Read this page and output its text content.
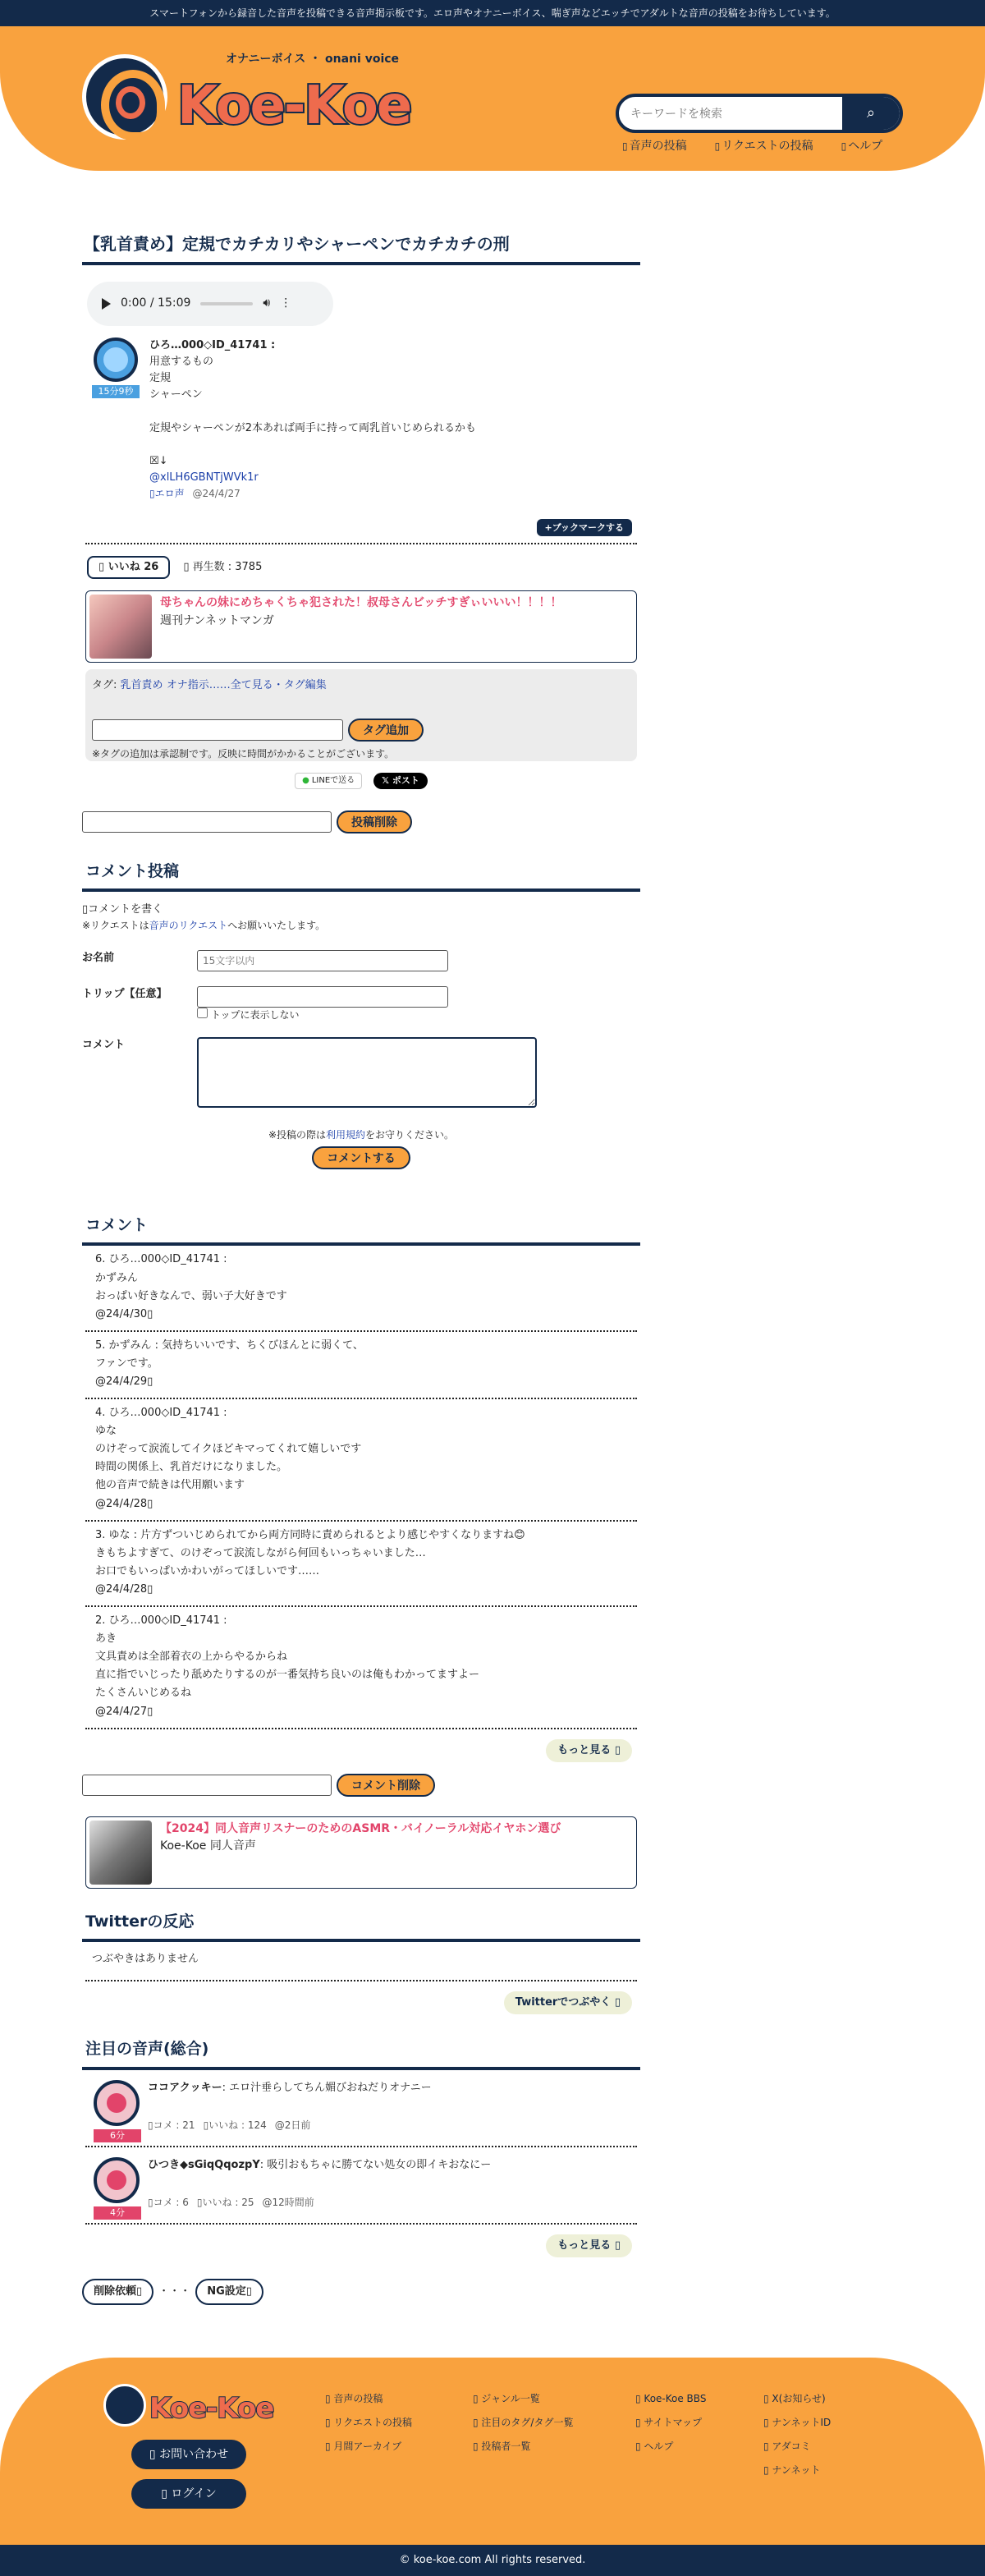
スマートフォンから録音した音声を投稿できる音声掲示板です。エロ声やオナニーボイス、喘ぎ声などエッチでアダルトな音声の投稿をお待ちしています。
オナニーボイス ・ onani voice
Koe-Koe
キーワードを検索	⌕
▯ 音声の投稿	▯ リクエストの投稿	▯ ヘルプ
【乳首責め】定規でカチカリやシャーペンでカチカチの刑
0:00 / 15:09	🔊︎ ⋮
15分9秒

ひろ…000◇ID_41741 :

用意するもの

定規

シャーペン

定規やシャーペンが2本あれば両手に持って両乳首いじめられるかも

☒↓

@xlLH6GBNTjWVk1r

▯エロ声 @24/4/27

+ブックマークする
▯ いいね 26	▯ 再生数 : 3785
母ちゃんの妹にめちゃくちゃ犯された！叔母さんビッチすぎぃいいい！！！！
週刊ナンネットマンガ
タグ: 乳首責め オナ指示……全て見る・タグ編集
タグ追加
※タグの追加は承認制です。反映に時間がかかることがございます。
● LINEで送る	𝕏 ポスト
投稿削除
コメント投稿
▯コメントを書く
※リクエストは音声のリクエストへお願いいたします。
お名前
15文字以内
トリップ【任意】
トップに表示しない
コメント
※投稿の際は利用規約をお守りください。
コメントする
コメント
6. ひろ…000◇ID_41741 :
かずみん
おっぱい好きなんで、弱い子大好きです
@24/4/30▯
5. かずみん : 気持ちいいです、ちくびほんとに弱くて、
ファンです。
@24/4/29▯
4. ひろ…000◇ID_41741 :
ゆな
のけぞって涙流してイクほどキマってくれて嬉しいです
時間の関係上、乳首だけになりました。
他の音声で続きは代用願います
@24/4/28▯
3. ゆな : 片方ずついじめられてから両方同時に責められるとより感じやすくなりますね😊
きもちよすぎて、のけぞって涙流しながら何回もいっちゃいました…
お口でもいっぱいかわいがってほしいです……
@24/4/28▯
2. ひろ…000◇ID_41741 :
あき
文具責めは全部着衣の上からやるからね
直に指でいじったり舐めたりするのが一番気持ち良いのは俺もわかってますよー
たくさんいじめるね
@24/4/27▯
もっと見る ▯
コメント削除
【2024】同人音声リスナーのためのASMR・バイノーラル対応イヤホン選び
Koe-Koe 同人音声
Twitterの反応
つぶやきはありません
Twitterでつぶやく ▯
注目の音声(総合)
6分
ココアクッキー: エロ汁垂らしてちん媚びおねだりオナニー
▯コメ : 21 ▯いいね : 124 @2日前
4分
ひつき◆sGiqQqozpY: 吸引おもちゃに勝てない処女の即イキおなにー
▯コメ : 6 ▯いいね : 25 @12時間前
もっと見る ▯
削除依頼▯	・・・	NG設定▯
Koe-Koe
▯ お問い合わせ
▯ ログイン
▯ 音声の投稿
▯ リクエストの投稿
▯ 月間アーカイブ
▯ ジャンル一覧
▯ 注目のタグ/タグ一覧
▯ 投稿者一覧
▯ Koe-Koe BBS
▯ サイトマップ
▯ ヘルプ
▯ X(お知らせ)
▯ ナンネットID
▯ アダコミ
▯ ナンネット
© koe-koe.com All rights reserved.
